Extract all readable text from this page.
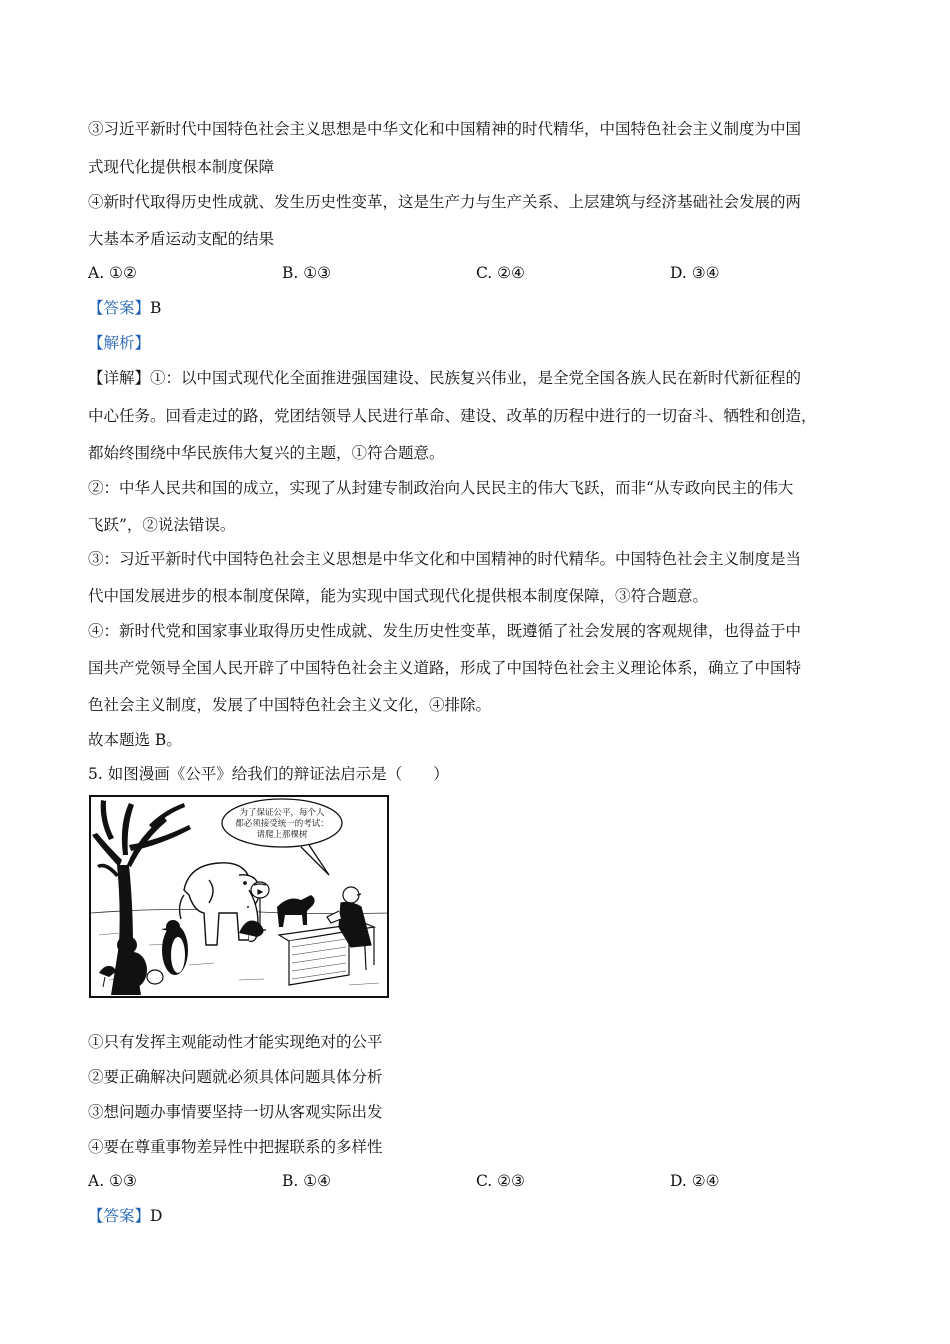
③习近平新时代中国特色社会主义思想是中华文化和中国精神的时代精华，中国特色社会主义制度为中国
式现代化提供根本制度保障
④新时代取得历史性成就、发生历史性变革，这是生产力与生产关系、上层建筑与经济基础社会发展的两
大基本矛盾运动支配的结果
A. ①②	B. ①③	C. ②④	D. ③④
【答案】B
【解析】
【详解】①：以中国式现代化全面推进强国建设、民族复兴伟业，是全党全国各族人民在新时代新征程的
中心任务。回看走过的路，党团结领导人民进行革命、建设、改革的历程中进行的一切奋斗、牺牲和创造，
都始终围绕中华民族伟大复兴的主题，①符合题意。
②：中华人民共和国的成立，实现了从封建专制政治向人民民主的伟大飞跃，而非“从专政向民主的伟大
飞跃”，②说法错误。
③：习近平新时代中国特色社会主义思想是中华文化和中国精神的时代精华。中国特色社会主义制度是当
代中国发展进步的根本制度保障，能为实现中国式现代化提供根本制度保障，③符合题意。
④：新时代党和国家事业取得历史性成就、发生历史性变革，既遵循了社会发展的客观规律，也得益于中
国共产党领导全国人民开辟了中国特色社会主义道路，形成了中国特色社会主义理论体系，确立了中国特
色社会主义制度，发展了中国特色社会主义文化，④排除。
故本题选 B。
5. 如图漫画《公平》给我们的辩证法启示是（　　）
为了保证公平，每个人
都必须接受统一的考试：
请爬上那棵树
①只有发挥主观能动性才能实现绝对的公平
②要正确解决问题就必须具体问题具体分析
③想问题办事情要坚持一切从客观实际出发
④要在尊重事物差异性中把握联系的多样性
A. ①③	B. ①④	C. ②③	D. ②④
【答案】D
